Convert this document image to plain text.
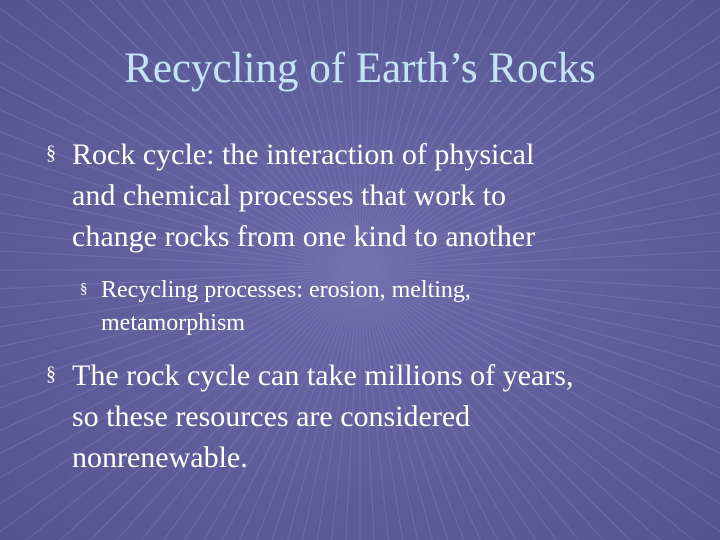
Recycling of Earth’s Rocks
§ Rock cycle: the interaction of physical
and chemical processes that work to
change rocks from one kind to another
§ Recycling processes: erosion, melting,
metamorphism
§ The rock cycle can take millions of years,
so these resources are considered
nonrenewable.
